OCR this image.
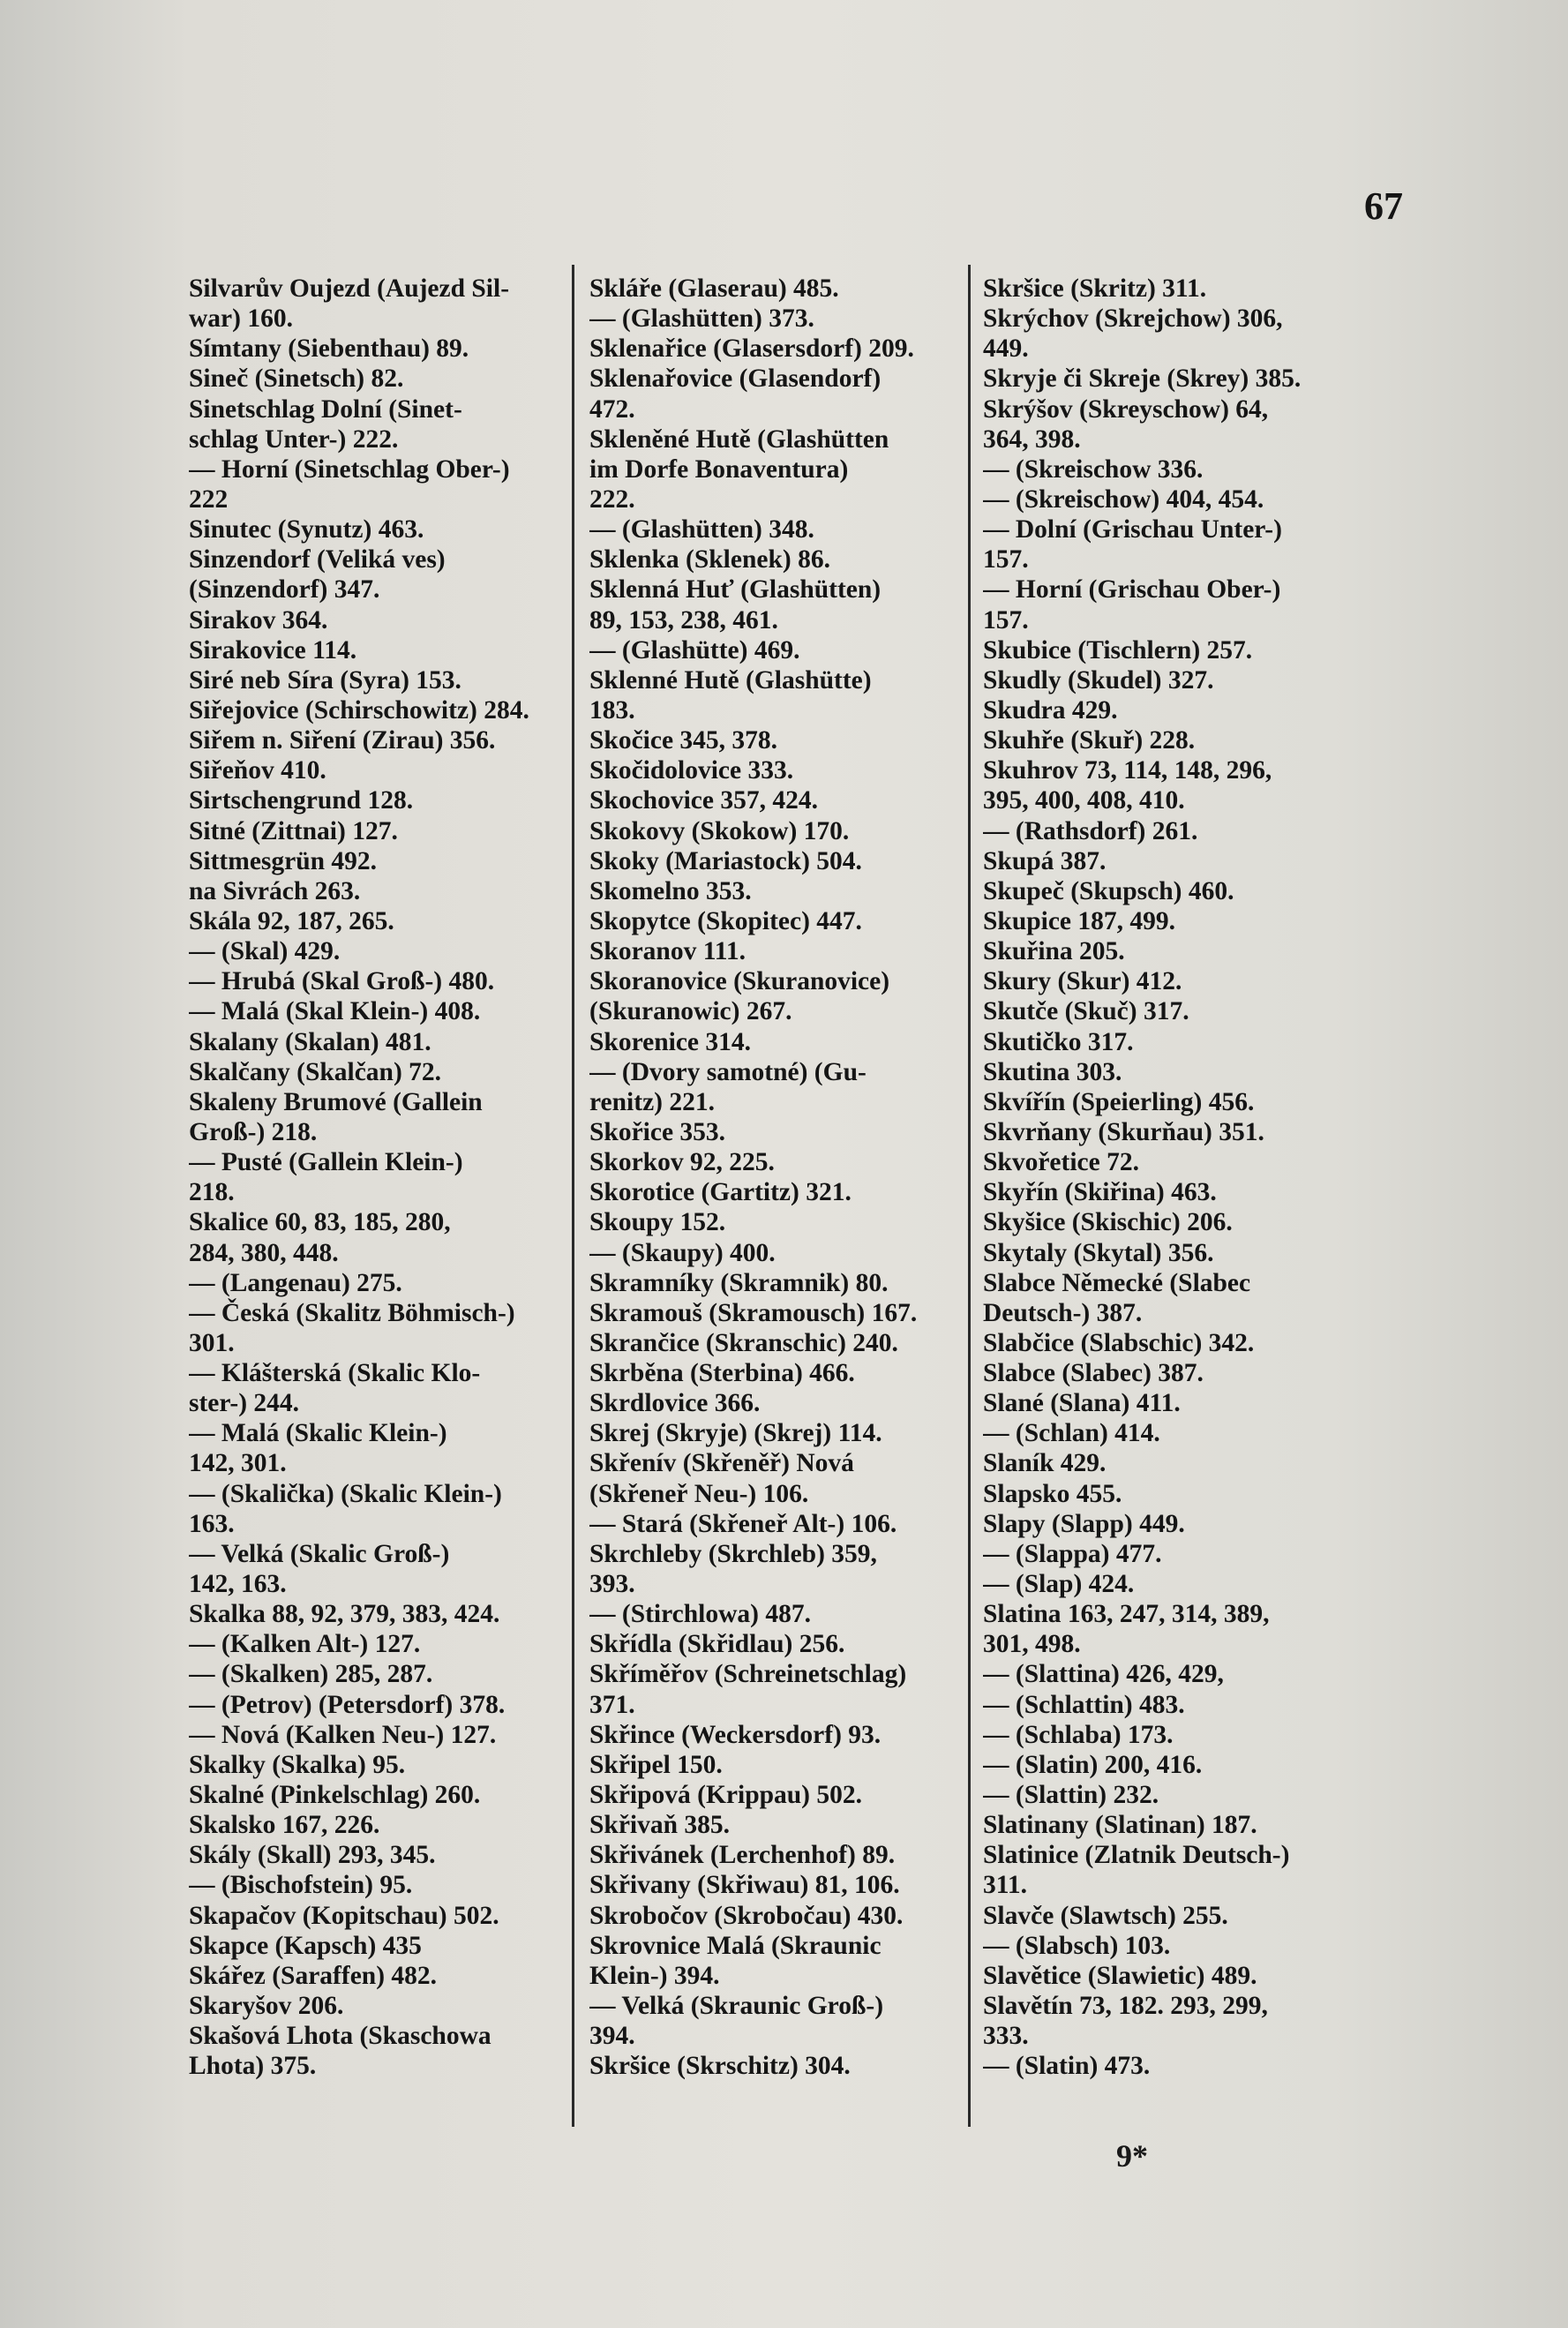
67
Silvarův Oujezd (Aujezd Sil-
war) 160.
Símtany (Siebenthau) 89.
Sineč (Sinetsch) 82.
Sinetschlag Dolní (Sinet-
schlag Unter-) 222.
— Horní (Sinetschlag Ober-)
222
Sinutec (Synutz) 463.
Sinzendorf (Veliká ves)
(Sinzendorf) 347.
Sirakov 364.
Sirakovice 114.
Siré neb Síra (Syra) 153.
Siřejovice (Schirschowitz) 284.
Siřem n. Siření (Zirau) 356.
Siřeňov 410.
Sirtschengrund 128.
Sitné (Zittnai) 127.
Sittmesgrün 492.
na Sivrách 263.
Skála 92, 187, 265.
— (Skal) 429.
— Hrubá (Skal Groß-) 480.
— Malá (Skal Klein-) 408.
Skalany (Skalan) 481.
Skalčany (Skalčan) 72.
Skaleny Brumové (Gallein
Groß-) 218.
— Pusté (Gallein Klein-)
218.
Skalice 60, 83, 185, 280,
284, 380, 448.
— (Langenau) 275.
— Česká (Skalitz Böhmisch-)
301.
— Klášterská (Skalic Klo-
ster-) 244.
— Malá (Skalic Klein-)
142, 301.
— (Skalička) (Skalic Klein-)
163.
— Velká (Skalic Groß-)
142, 163.
Skalka 88, 92, 379, 383, 424.
— (Kalken Alt-) 127.
— (Skalken) 285, 287.
— (Petrov) (Petersdorf) 378.
— Nová (Kalken Neu-) 127.
Skalky (Skalka) 95.
Skalné (Pinkelschlag) 260.
Skalsko 167, 226.
Skály (Skall) 293, 345.
— (Bischofstein) 95.
Skapačov (Kopitschau) 502.
Skapce (Kapsch) 435
Skářez (Saraffen) 482.
Skaryšov 206.
Skašová Lhota (Skaschowa
Lhota) 375.
Skláře (Glaserau) 485.
— (Glashütten) 373.
Sklenařice (Glasersdorf) 209.
Sklenařovice (Glasendorf)
472.
Skleněné Hutě (Glashütten
im Dorfe Bonaventura)
222.
— (Glashütten) 348.
Sklenka (Sklenek) 86.
Sklenná Huť (Glashütten)
89, 153, 238, 461.
— (Glashütte) 469.
Sklenné Hutě (Glashütte)
183.
Skočice 345, 378.
Skočidolovice 333.
Skochovice 357, 424.
Skokovy (Skokow) 170.
Skoky (Mariastock) 504.
Skomelno 353.
Skopytce (Skopitec) 447.
Skoranov 111.
Skoranovice (Skuranovice)
(Skuranowic) 267.
Skorenice 314.
— (Dvory samotné) (Gu-
renitz) 221.
Skořice 353.
Skorkov 92, 225.
Skorotice (Gartitz) 321.
Skoupy 152.
— (Skaupy) 400.
Skramníky (Skramnik) 80.
Skramouš (Skramousch) 167.
Skrančice (Skranschic) 240.
Skrběna (Sterbina) 466.
Skrdlovice 366.
Skrej (Skryje) (Skrej) 114.
Skřenív (Skřeněř) Nová
(Skřeneř Neu-) 106.
— Stará (Skřeneř Alt-) 106.
Skrchleby (Skrchleb) 359,
393.
— (Stirchlowa) 487.
Skřídla (Skřidlau) 256.
Skříměřov (Schreinetschlag)
371.
Skřince (Weckersdorf) 93.
Skřipel 150.
Skřipová (Krippau) 502.
Skřivaň 385.
Skřivánek (Lerchenhof) 89.
Skřivany (Skřiwau) 81, 106.
Skrobočov (Skrobočau) 430.
Skrovnice Malá (Skraunic
Klein-) 394.
— Velká (Skraunic Groß-)
394.
Skršice (Skrschitz) 304.
Skršice (Skritz) 311.
Skrýchov (Skrejchow) 306,
449.
Skryje či Skreje (Skrey) 385.
Skrýšov (Skreyschow) 64,
364, 398.
— (Skreischow 336.
— (Skreischow) 404, 454.
— Dolní (Grischau Unter-)
157.
— Horní (Grischau Ober-)
157.
Skubice (Tischlern) 257.
Skudly (Skudel) 327.
Skudra 429.
Skuhře (Skuř) 228.
Skuhrov 73, 114, 148, 296,
395, 400, 408, 410.
— (Rathsdorf) 261.
Skupá 387.
Skupeč (Skupsch) 460.
Skupice 187, 499.
Skuřina 205.
Skury (Skur) 412.
Skutče (Skuč) 317.
Skutičko 317.
Skutina 303.
Skvířín (Speierling) 456.
Skvrňany (Skurňau) 351.
Skvořetice 72.
Skyřín (Skiřina) 463.
Skyšice (Skischic) 206.
Skytaly (Skytal) 356.
Slabce Německé (Slabec
Deutsch-) 387.
Slabčice (Slabschic) 342.
Slabce (Slabec) 387.
Slané (Slana) 411.
— (Schlan) 414.
Slaník 429.
Slapsko 455.
Slapy (Slapp) 449.
— (Slappa) 477.
— (Slap) 424.
Slatina 163, 247, 314, 389,
301, 498.
— (Slattina) 426, 429,
— (Schlattin) 483.
— (Schlaba) 173.
— (Slatin) 200, 416.
— (Slattin) 232.
Slatinany (Slatinan) 187.
Slatinice (Zlatnik Deutsch-)
311.
Slavče (Slawtsch) 255.
— (Slabsch) 103.
Slavětice (Slawietic) 489.
Slavětín 73, 182. 293, 299,
333.
— (Slatin) 473.
9*
